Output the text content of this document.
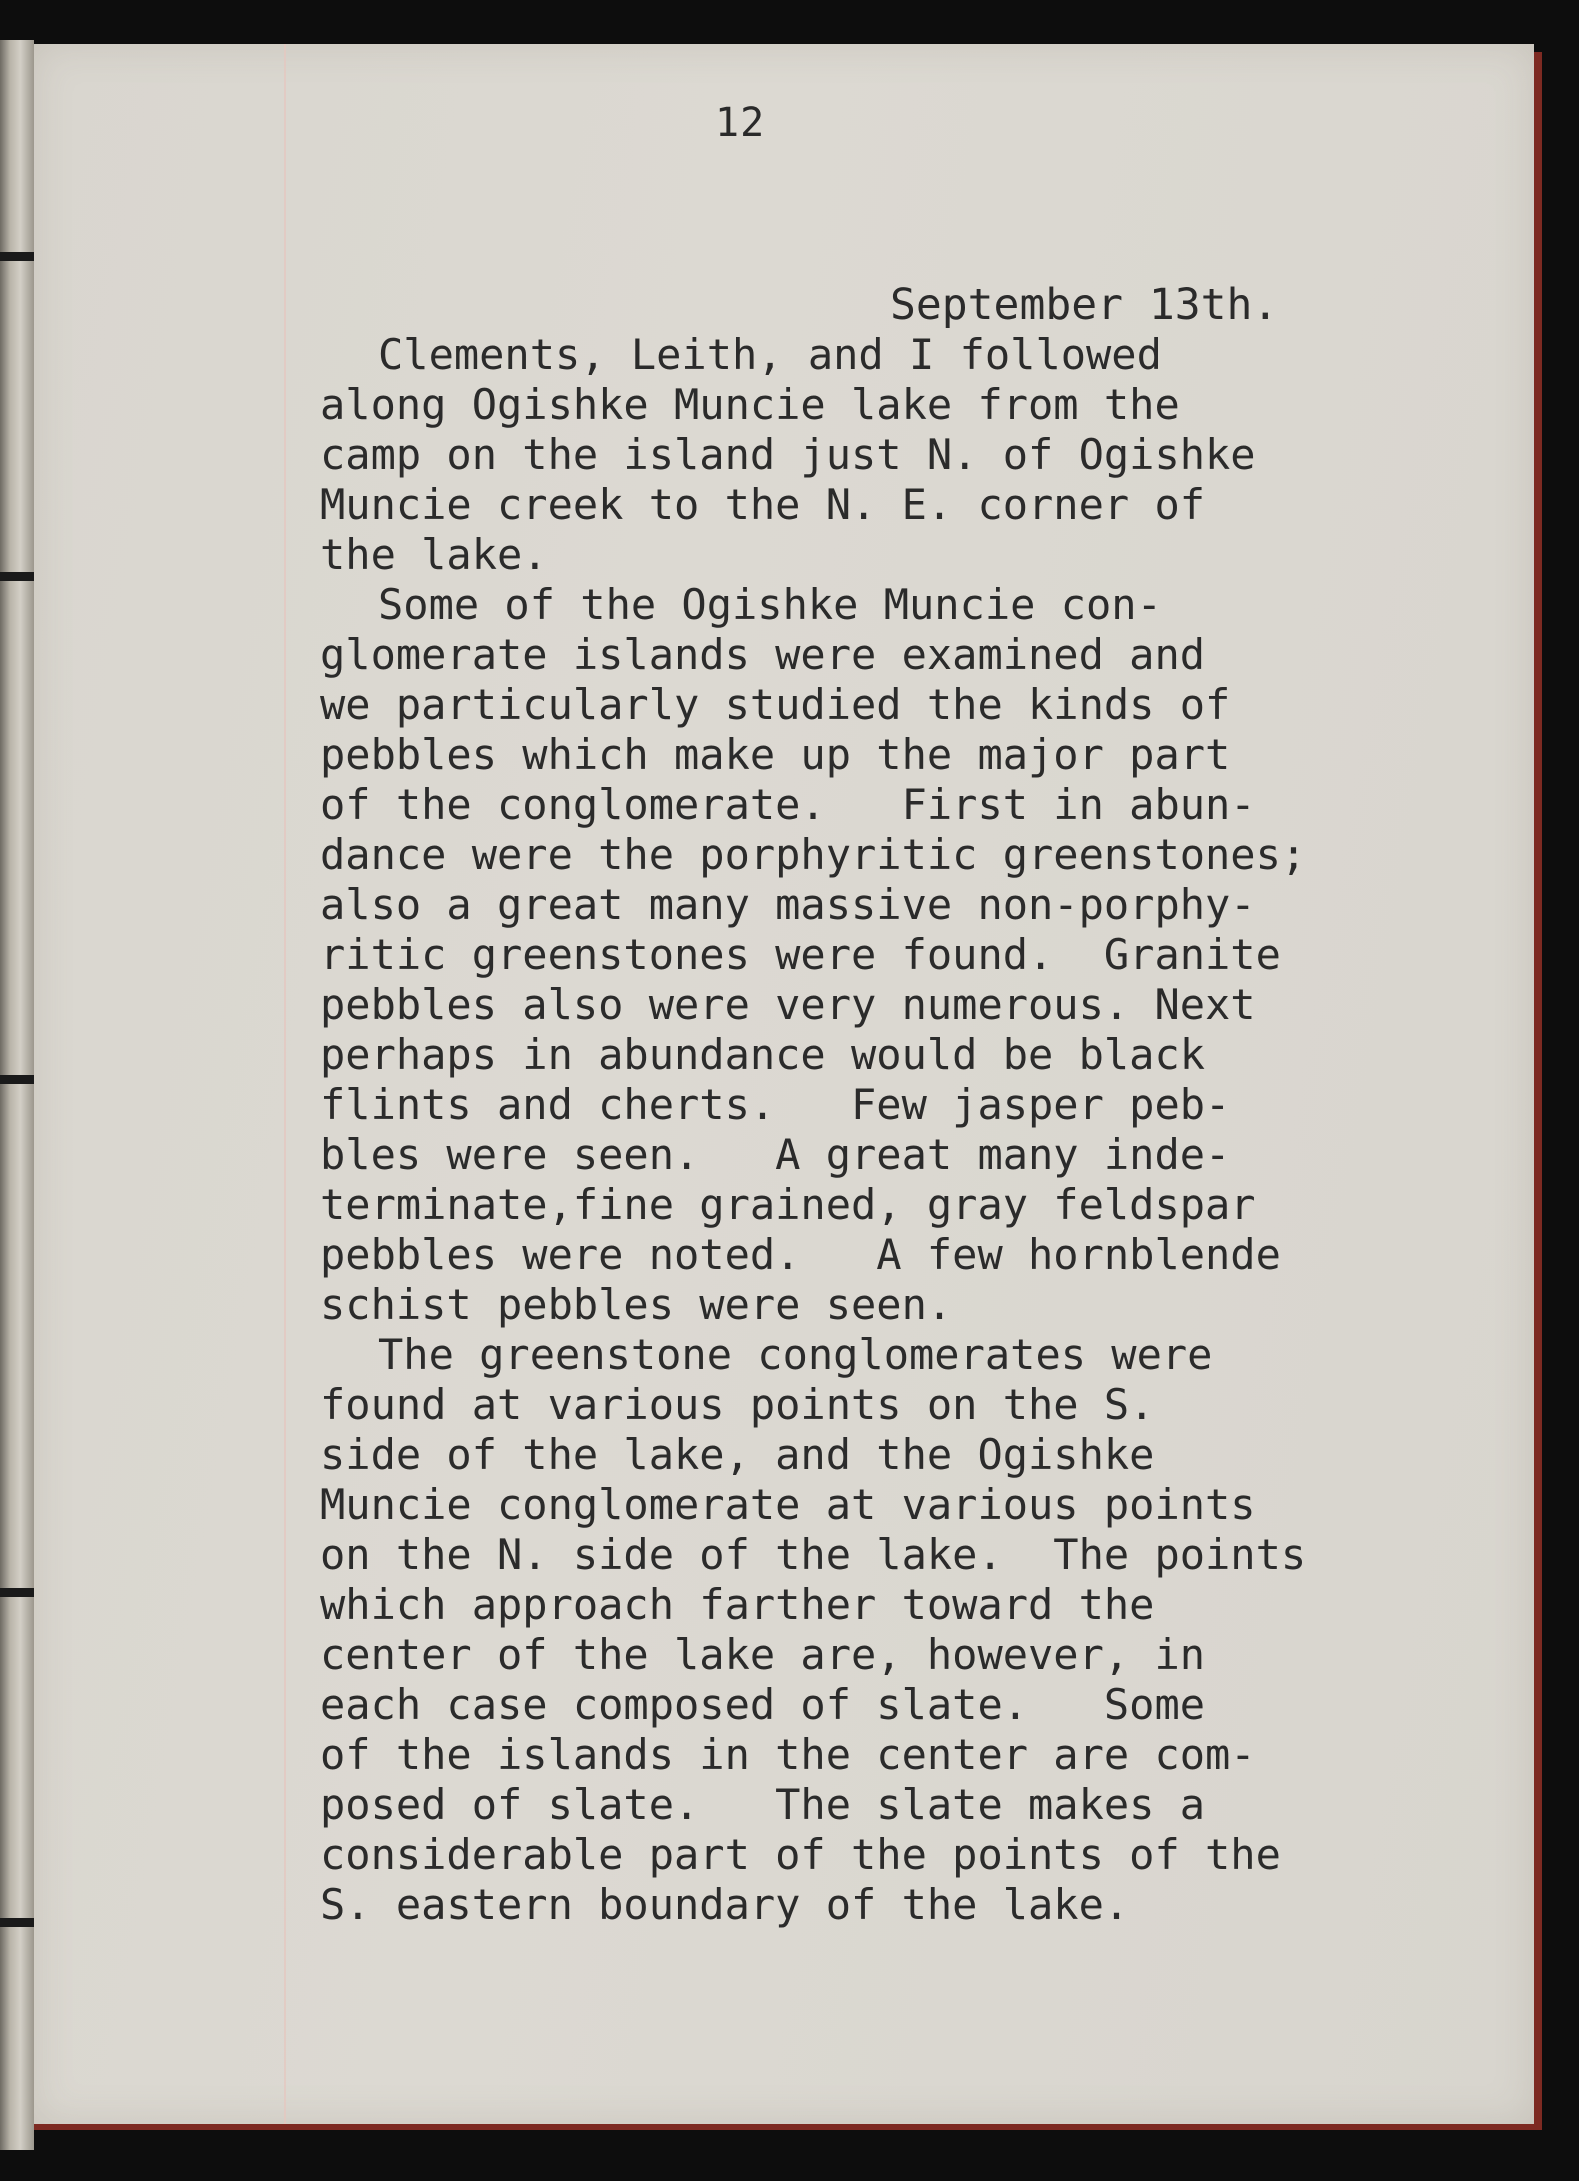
12
September 13th.
Clements, Leith, and I followed
along Ogishke Muncie lake from the
camp on the island just N. of Ogishke
Muncie creek to the N. E. corner of
the lake.
Some of the Ogishke Muncie con-
glomerate islands were examined and
we particularly studied the kinds of
pebbles which make up the major part
of the conglomerate.   First in abun-
dance were the porphyritic greenstones;
also a great many massive non-porphy-
ritic greenstones were found.  Granite
pebbles also were very numerous. Next
perhaps in abundance would be black
flints and cherts.   Few jasper peb-
bles were seen.   A great many inde-
terminate,fine grained, gray feldspar
pebbles were noted.   A few hornblende
schist pebbles were seen.
The greenstone conglomerates were
found at various points on the S.
side of the lake, and the Ogishke
Muncie conglomerate at various points
on the N. side of the lake.  The points
which approach farther toward the
center of the lake are, however, in
each case composed of slate.   Some
of the islands in the center are com-
posed of slate.   The slate makes a
considerable part of the points of the
S. eastern boundary of the lake.
